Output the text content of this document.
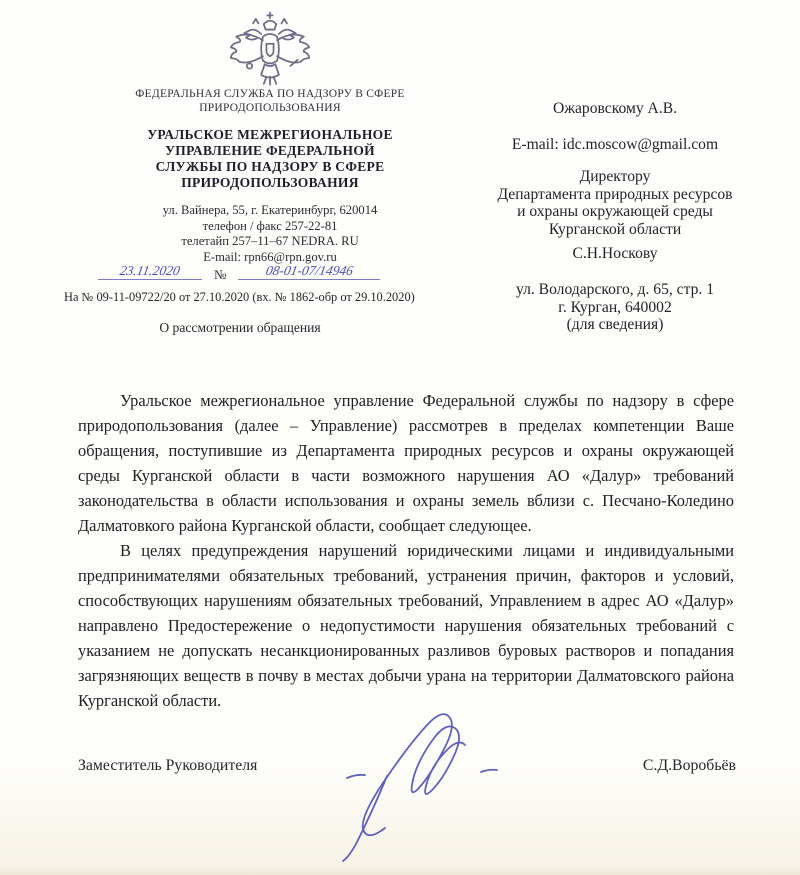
ФЕДЕРАЛЬНАЯ СЛУЖБА ПО НАДЗОРУ В СФЕРЕ
ПРИРОДОПОЛЬЗОВАНИЯ
УРАЛЬСКОЕ МЕЖРЕГИОНАЛЬНОЕ
УПРАВЛЕНИЕ ФЕДЕРАЛЬНОЙ
СЛУЖБЫ ПО НАДЗОРУ В СФЕРЕ
ПРИРОДОПОЛЬЗОВАНИЯ
ул. Вайнера, 55, г. Екатеринбург, 620014
телефон / факс 257-22-81
телетайп 257–11–67 NEDRA. RU
E-mail: rpn66@rpn.gov.ru
23.11.2020	№	08-01-07/14946
На № 09-11-09722/20 от 27.10.2020 (вх. № 1862-обр от 29.10.2020)
О рассмотрении обращения
Ожаровскому А.В.
E-mail: idc.moscow@gmail.com
Директору
Департамента природных ресурсов
и охраны окружающей среды
Курганской области
С.Н.Носкову
ул. Володарского, д. 65, стр. 1
г. Курган, 640002
(для сведения)

Уральское межрегиональное управление Федеральной службы по надзору в сфере природопользования (далее – Управление) рассмотрев в пределах компетенции Ваше обращения, поступившие из Департамента природных ресурсов и охраны окружающей среды Курганской области в части возможного нарушения АО «Далур» требований законодательства в области использования и охраны земель вблизи с. Песчано-Коледино Далматовкого района Курганской области, сообщает следующее.

В целях предупреждения нарушений юридическими лицами и индивидуальными предпринимателями обязательных требований, устранения причин, факторов и условий, способствующих нарушениям обязательных требований, Управлением в адрес АО «Далур» направлено Предостережение о недопустимости нарушения обязательных требований с указанием не допускать несанкционированных разливов буровых растворов и попадания загрязняющих веществ в почву в местах добычи урана на территории Далматовского района Курганской области.

Заместитель Руководителя	С.Д.Воробьёв
